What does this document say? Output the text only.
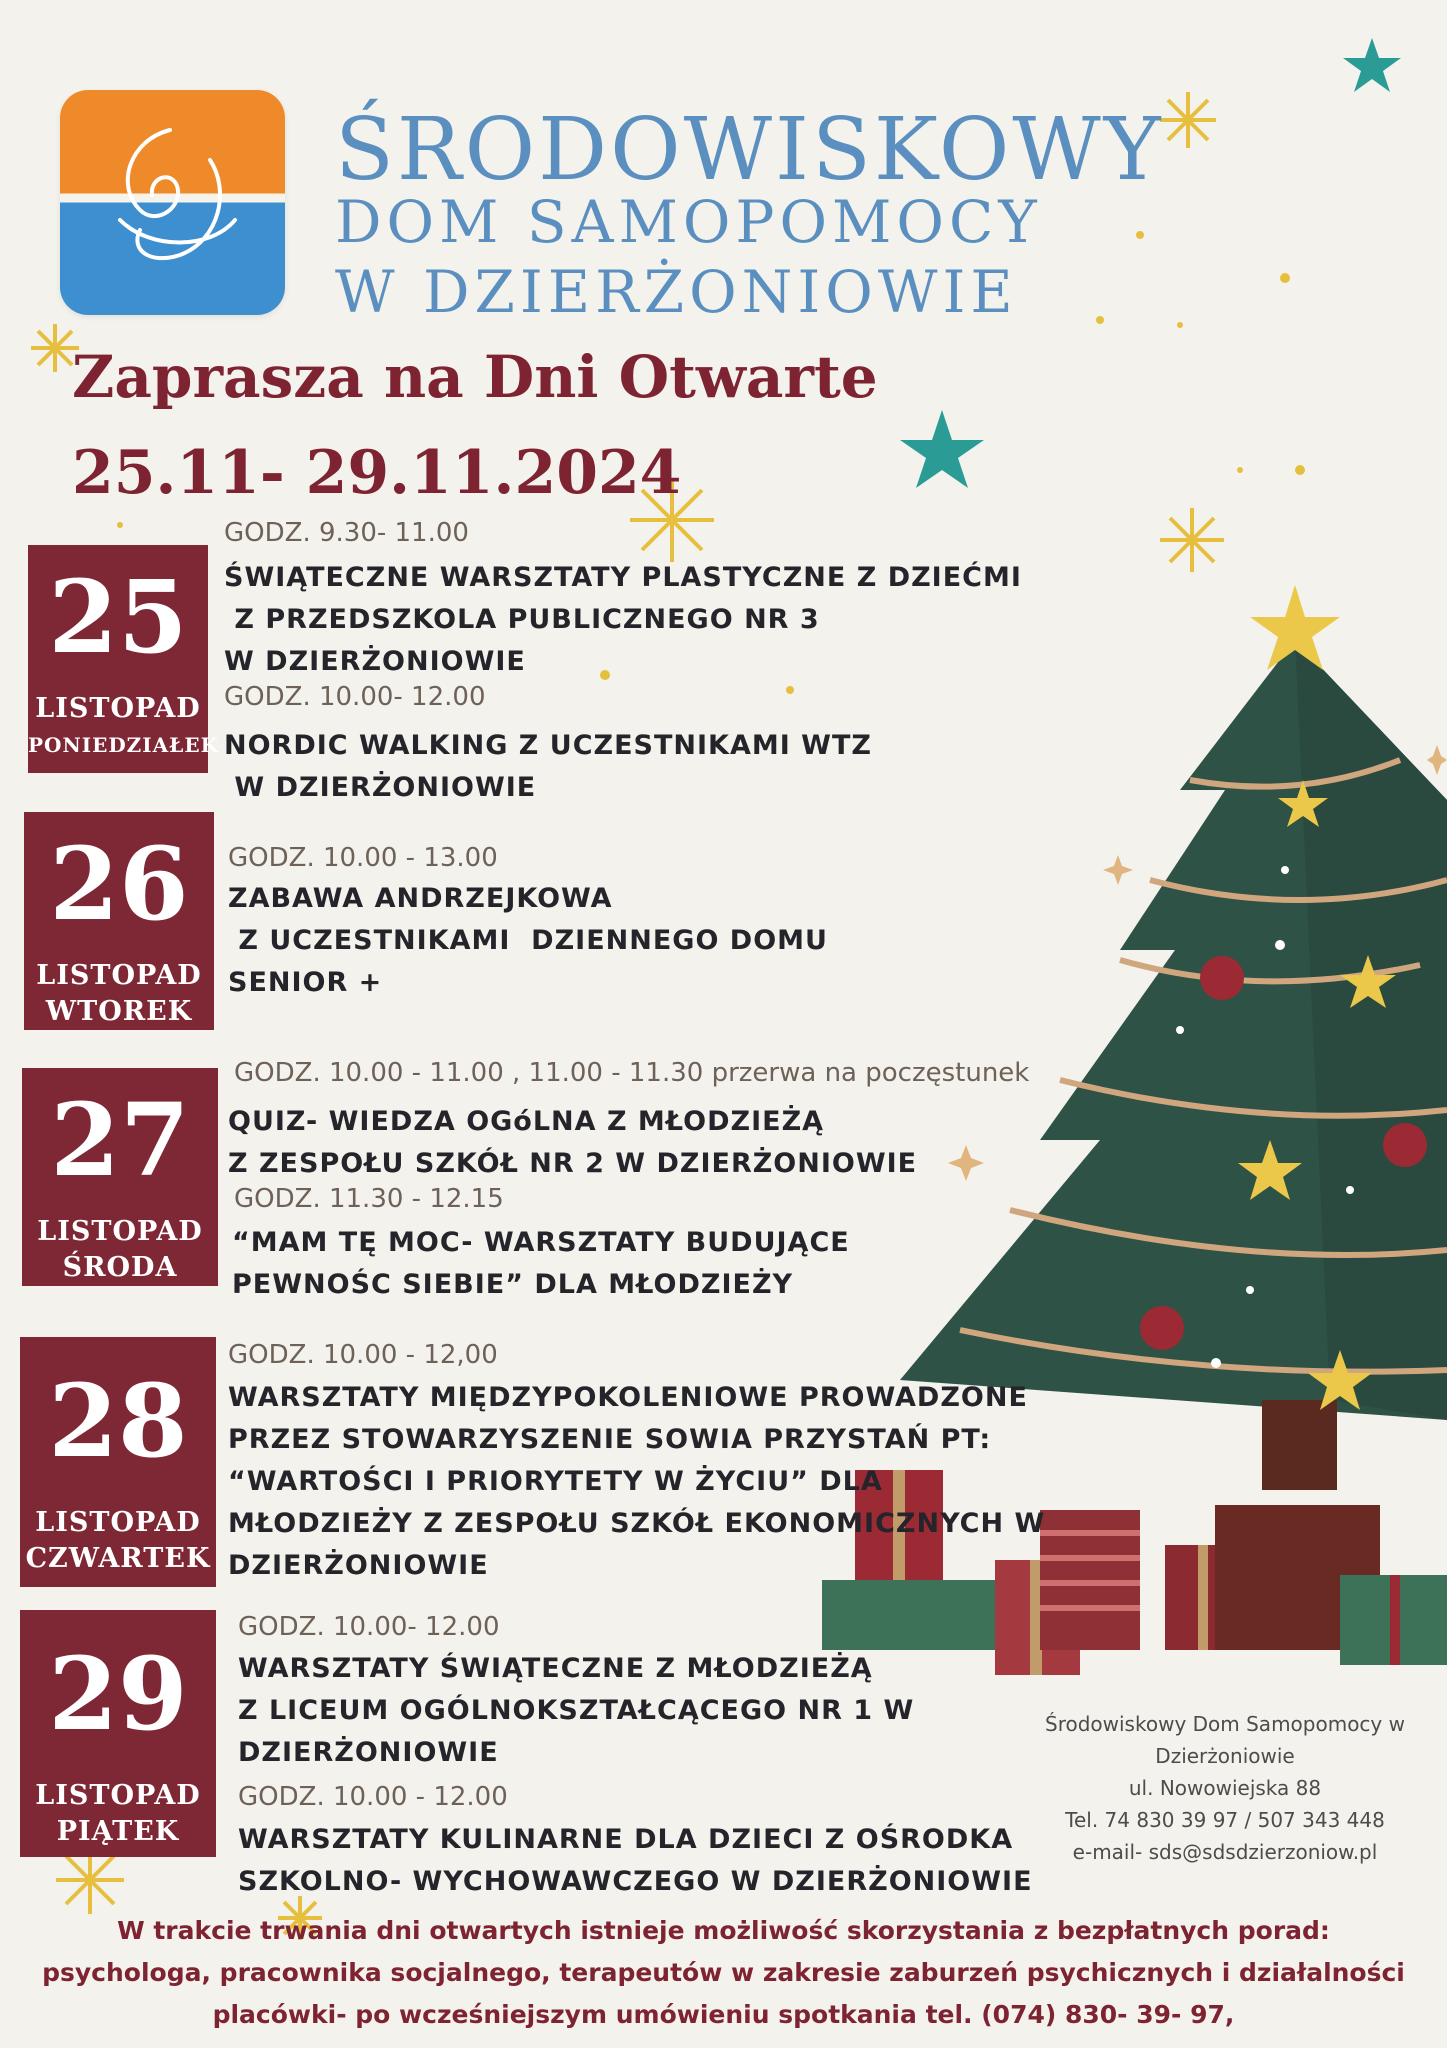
ŚRODOWISKOWY
DOM SAMOPOMOCY
W DZIERŻONIOWIE
Zaprasza na Dni Otwarte
25.11- 29.11.2024
25
LISTOPAD
PONIEDZIAŁEK
GODZ. 9.30- 11.00
ŚWIĄTECZNE WARSZTATY PLASTYCZNE Z DZIEĆMI
Z PRZEDSZKOLA PUBLICZNEGO NR 3
W DZIERŻONIOWIE
GODZ. 10.00- 12.00
NORDIC WALKING Z UCZESTNIKAMI WTZ
W DZIERŻONIOWIE
26
LISTOPAD
WTOREK
GODZ. 10.00 - 13.00
ZABAWA ANDRZEJKOWA
Z UCZESTNIKAMI  DZIENNEGO DOMU
SENIOR +
27
LISTOPAD
ŚRODA
GODZ. 10.00 - 11.00 , 11.00 - 11.30 przerwa na poczęstunek
QUIZ- WIEDZA OGóLNA Z MŁODZIEŻĄ
Z ZESPOŁU SZKÓŁ NR 2 W DZIERŻONIOWIE
GODZ. 11.30 - 12.15
“MAM TĘ MOC- WARSZTATY BUDUJĄCE
PEWNOŚC SIEBIE” DLA MŁODZIEŻY
28
LISTOPAD
CZWARTEK
GODZ. 10.00 - 12,00
WARSZTATY MIĘDZYPOKOLENIOWE PROWADZONE
PRZEZ STOWARZYSZENIE SOWIA PRZYSTAŃ PT:
“WARTOŚCI I PRIORYTETY W ŻYCIU” DLA
MŁODZIEŻY Z ZESPOŁU SZKÓŁ EKONOMICZNYCH W
DZIERŻONIOWIE
29
LISTOPAD
PIĄTEK
GODZ. 10.00- 12.00
WARSZTATY ŚWIĄTECZNE Z MŁODZIEŻĄ
Z LICEUM OGÓLNOKSZTAŁCĄCEGO NR 1 W
DZIERŻONIOWIE
GODZ. 10.00 - 12.00
WARSZTATY KULINARNE DLA DZIECI Z OŚRODKA
SZKOLNO- WYCHOWAWCZEGO W DZIERŻONIOWIE
Środowiskowy Dom Samopomocy w
Dzierżoniowie
ul. Nowowiejska 88
Tel. 74 830 39 97 / 507 343 448
e-mail- sds@sdsdzierzoniow.pl
W trakcie trwania dni otwartych istnieje możliwość skorzystania z bezpłatnych porad:
psychologa, pracownika socjalnego, terapeutów w zakresie zaburzeń psychicznych i działalności
placówki- po wcześniejszym umówieniu spotkania tel. (074) 830- 39- 97,
